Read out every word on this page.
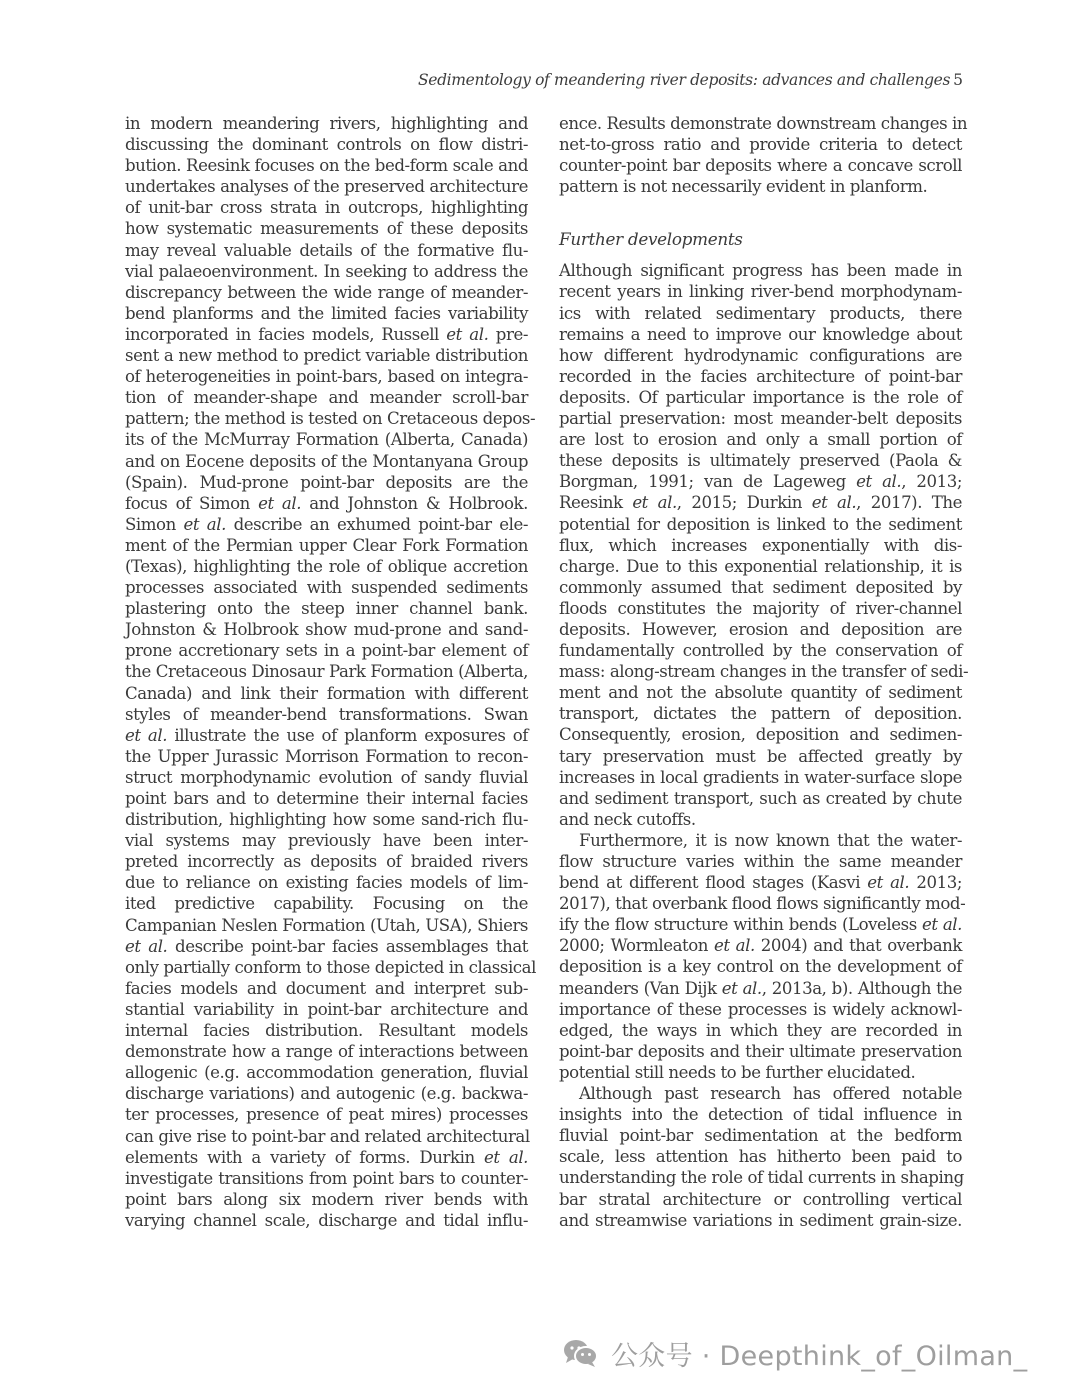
Sedimentology of meandering river deposits: advances and challenges 5
in modern meandering rivers, highlighting and
discussing the dominant controls on flow distri-
bution. Reesink focuses on the bed-form scale and
undertakes analyses of the preserved architecture
of unit-bar cross strata in outcrops, highlighting
how systematic measurements of these deposits
may reveal valuable details of the formative flu-
vial palaeoenvironment. In seeking to address the
discrepancy between the wide range of meander-
bend planforms and the limited facies variability
incorporated in facies models, Russell et al. pre-
sent a new method to predict variable distribution
of heterogeneities in point-bars, based on integra-
tion of meander-shape and meander scroll-bar
pattern; the method is tested on Cretaceous depos-
its of the McMurray Formation (Alberta, Canada)
and on Eocene deposits of the Montanyana Group
(Spain). Mud-prone point-bar deposits are the
focus of Simon et al. and Johnston & Holbrook.
Simon et al. describe an exhumed point-bar ele-
ment of the Permian upper Clear Fork Formation
(Texas), highlighting the role of oblique accretion
processes associated with suspended sediments
plastering onto the steep inner channel bank.
Johnston & Holbrook show mud-prone and sand-
prone accretionary sets in a point-bar element of
the Cretaceous Dinosaur Park Formation (Alberta,
Canada) and link their formation with different
styles of meander-bend transformations. Swan
et al. illustrate the use of planform exposures of
the Upper Jurassic Morrison Formation to recon-
struct morphodynamic evolution of sandy fluvial
point bars and to determine their internal facies
distribution, highlighting how some sand-rich flu-
vial systems may previously have been inter-
preted incorrectly as deposits of braided rivers
due to reliance on existing facies models of lim-
ited predictive capability. Focusing on the
Campanian Neslen Formation (Utah, USA), Shiers
et al. describe point-bar facies assemblages that
only partially conform to those depicted in classical
facies models and document and interpret sub-
stantial variability in point-bar architecture and
internal facies distribution. Resultant models
demonstrate how a range of interactions between
allogenic (e.g. accommodation generation, fluvial
discharge variations) and autogenic (e.g. backwa-
ter processes, presence of peat mires) processes
can give rise to point-bar and related architectural
elements with a variety of forms. Durkin et al.
investigate transitions from point bars to counter-
point bars along six modern river bends with
varying channel scale, discharge and tidal influ-
ence. Results demonstrate downstream changes in
net-to-gross ratio and provide criteria to detect
counter-point bar deposits where a concave scroll
pattern is not necessarily evident in planform.
Further developments
Although significant progress has been made in
recent years in linking river-bend morphodynam-
ics with related sedimentary products, there
remains a need to improve our knowledge about
how different hydrodynamic configurations are
recorded in the facies architecture of point-bar
deposits. Of particular importance is the role of
partial preservation: most meander-belt deposits
are lost to erosion and only a small portion of
these deposits is ultimately preserved (Paola &
Borgman, 1991; van de Lageweg et al., 2013;
Reesink et al., 2015; Durkin et al., 2017). The
potential for deposition is linked to the sediment
flux, which increases exponentially with dis-
charge. Due to this exponential relationship, it is
commonly assumed that sediment deposited by
floods constitutes the majority of river-channel
deposits. However, erosion and deposition are
fundamentally controlled by the conservation of
mass: along-stream changes in the transfer of sedi-
ment and not the absolute quantity of sediment
transport, dictates the pattern of deposition.
Consequently, erosion, deposition and sedimen-
tary preservation must be affected greatly by
increases in local gradients in water-surface slope
and sediment transport, such as created by chute
and neck cutoffs.
Furthermore, it is now known that the water-
flow structure varies within the same meander
bend at different flood stages (Kasvi et al. 2013;
2017), that overbank flood flows significantly mod-
ify the flow structure within bends (Loveless et al.
2000; Wormleaton et al. 2004) and that overbank
deposition is a key control on the development of
meanders (Van Dijk et al., 2013a, b). Although the
importance of these processes is widely acknowl-
edged, the ways in which they are recorded in
point-bar deposits and their ultimate preservation
potential still needs to be further elucidated.
Although past research has offered notable
insights into the detection of tidal influence in
fluvial point-bar sedimentation at the bedform
scale, less attention has hitherto been paid to
understanding the role of tidal currents in shaping
bar stratal architecture or controlling vertical
and streamwise variations in sediment grain-size.
公众号 · Deepthink_of_Oilman_
